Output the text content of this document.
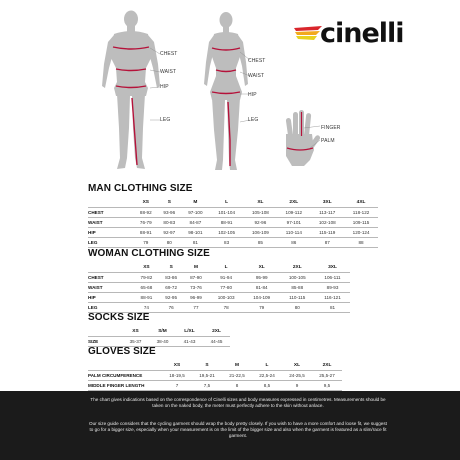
CHEST
WAIST
HIP
LEG
CHEST
WAIST
HIP
LEG
FINGER
PALM
cinelli
MAN CLOTHING SIZE
	XS	S	M	L	XL	2XL	3XL	4XL
CHEST	88-92	93-96	97-100	101-104	105-108	109-112	113-117	118-122
WAIST	76-79	80-83	84-87	88-91	92-96	97-101	102-108	109-115
HIP	88-91	92-97	98-101	102-105	106-109	110-114	115-119	120-124
LEG	79	80	81	83	85	86	87	88
WOMAN CLOTHING SIZE
	XS	S	M	L	XL	2XL	3XL
CHEST	79-82	83-86	87-90	91-94	95-99	100-105	106-111
WAIST	65-68	69-72	73-76	77-80	81-84	85-88	89-93
HIP	88-91	92-95	96-99	100-103	104-109	110-115	116-121
LEG	74	76	77	78	79	80	81
SOCKS SIZE
	XS	S/M	L/XL	2XL
SIZE	35-37	38-40	41-43	44-45
GLOVES SIZE
	XS	S	M	L	XL	2XL
PALM CIRCUMFERENCE	18-19,5	19,5-21	21-22,5	22,5-24	24-25,5	25,5-27
MIDDLE FINGER LENGTH	7	7,5	8	8,5	9	9,5

The chart gives indications based on the correspondence of Cinelli sizes and body measures expressed in centimetres. Measurements should be taken on the naked body, the meter must perfectly adhere to the skin without anlace.

Our size guide considers that the cycling garment should wrap the body pretty closely. If you wish to have a more comfort and loose fit, we suggest to go for a bigger size, especially when your measurement is on the limit of the bigger size and also when the garment is featured as a slim/race fit garment.
